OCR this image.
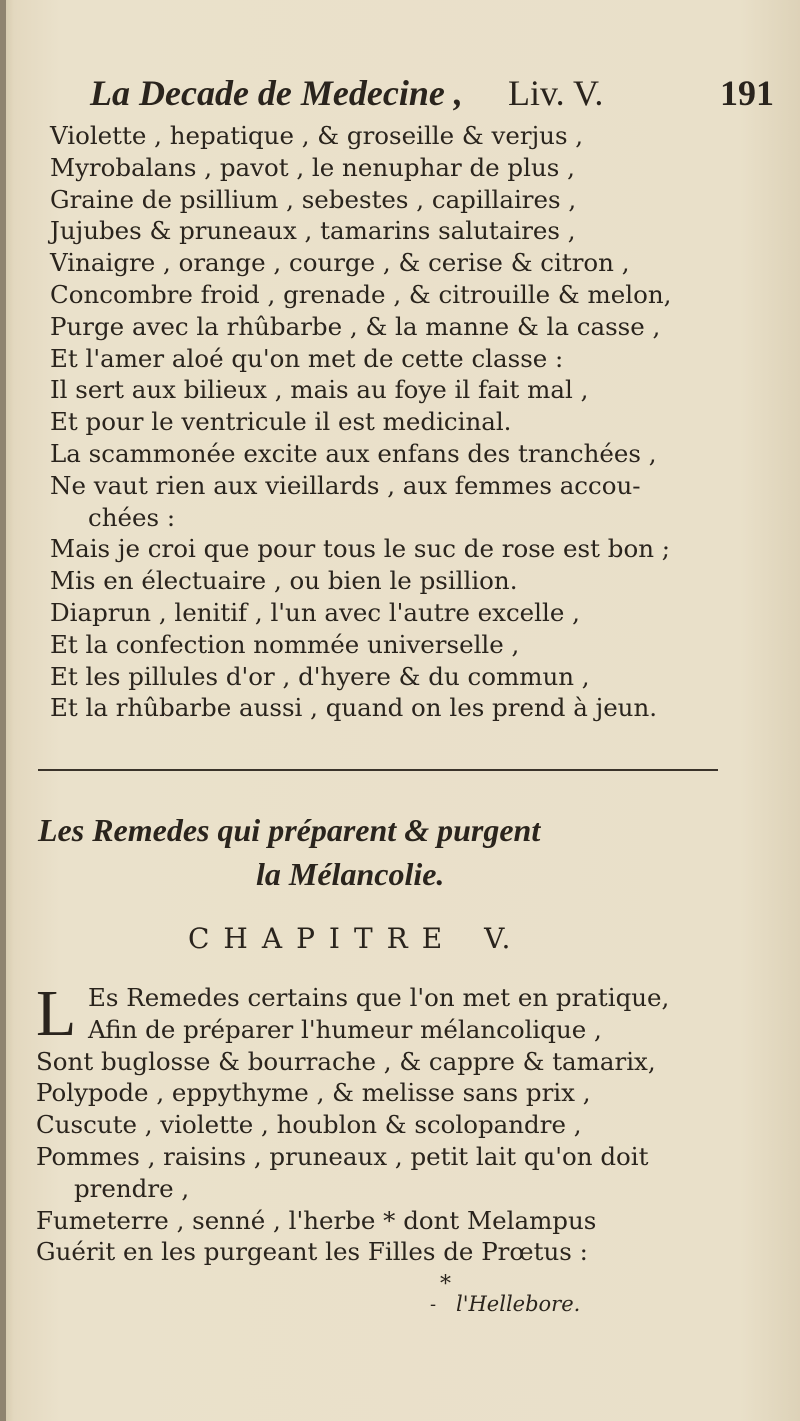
La Decade de Medecine , Liv. V.	191
Violette , hepatique , & groseille & verjus ,
Myrobalans , pavot , le nenuphar de plus ,
Graine de psillium , sebestes , capillaires ,
Jujubes & pruneaux , tamarins salutaires ,
Vinaigre , orange , courge , & cerise & citron ,
Concombre froid , grenade , & citrouille & melon,
Purge avec la rhûbarbe , & la manne & la casse ,
Et l'amer aloé qu'on met de cette classe :
Il sert aux bilieux , mais au foye il fait mal ,
Et pour le ventricule il est medicinal.
La scammonée excite aux enfans des tranchées ,
Ne vaut rien aux vieillards , aux femmes accou-
chées :
Mais je croi que pour tous le suc de rose est bon ;
Mis en électuaire , ou bien le psillion.
Diaprun , lenitif , l'un avec l'autre excelle ,
Et la confection nommée universelle ,
Et les pillules d'or , d'hyere & du commun ,
Et la rhûbarbe aussi , quand on les prend à jeun.
Les Remedes qui préparent & purgent
la Mélancolie.
CHAPITRE V.
L Es Remedes certains que l'on met en pratique,
Afin de préparer l'humeur mélancolique ,
Sont buglosse & bourrache , & cappre & tamarix,
Polypode , eppythyme , & melisse sans prix ,
Cuscute , violette , houblon & scolopandre ,
Pommes , raisins , pruneaux , petit lait qu'on doit
prendre ,
Fumeterre , senné , l'herbe * dont Melampus
Guérit en les purgeant les Filles de Prœtus :
*
- l'Hellebore.
